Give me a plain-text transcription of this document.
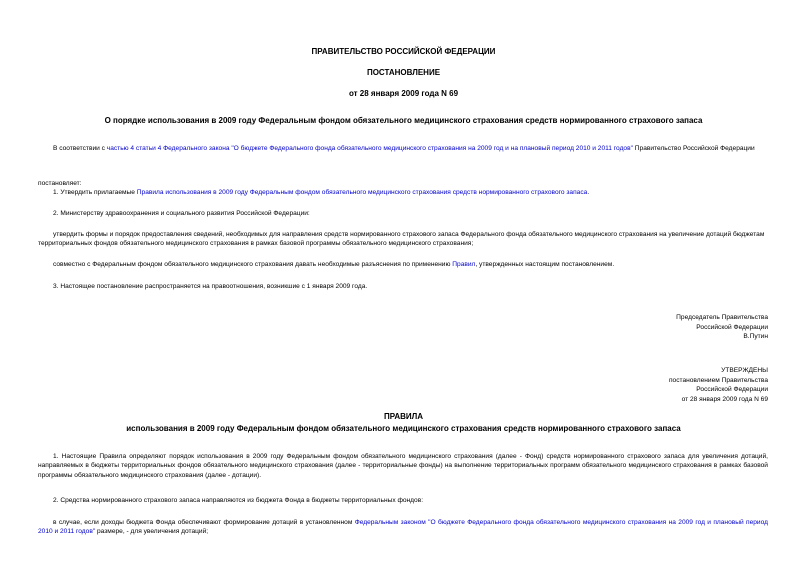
ПРАВИТЕЛЬСТВО РОССИЙСКОЙ ФЕДЕРАЦИИ
ПОСТАНОВЛЕНИЕ
от 28 января 2009 года N 69
О порядке использования в 2009 году Федеральным фондом обязательного медицинского страхования средств нормированного страхового запаса

В соответствии с частью 4 статьи 4 Федерального закона "О бюджете Федерального фонда обязательного медицинского страхования на 2009 год и на плановый период 2010 и 2011 годов" Правительство Российской Федерации

постановляет:

1. Утвердить прилагаемые Правила использования в 2009 году Федеральным фондом обязательного медицинского страхования средств нормированного страхового запаса.

2. Министерству здравоохранения и социального развития Российской Федерации:

утвердить формы и порядок предоставления сведений, необходимых для направления средств нормированного страхового запаса Федерального фонда обязательного медицинского страхования на увеличение дотаций бюджетам территориальных фондов обязательного медицинского страхования в рамках базовой программы обязательного медицинского страхования;

совместно с Федеральным фондом обязательного медицинского страхования давать необходимые разъяснения по применению Правил, утвержденных настоящим постановлением.

3. Настоящее постановление распространяется на правоотношения, возникшие с 1 января 2009 года.

Председатель Правительства
Российской Федерации
В.Путин
УТВЕРЖДЕНЫ
постановлением Правительства
Российской Федерации
от 28 января 2009 года N 69
ПРАВИЛА
использования в 2009 году Федеральным фондом обязательного медицинского страхования средств нормированного страхового запаса

1. Настоящие Правила определяют порядок использования в 2009 году Федеральным фондом обязательного медицинского страхования (далее - Фонд) средств нормированного страхового запаса для увеличения дотаций, направляемых в бюджеты территориальных фондов обязательного медицинского страхования (далее - территориальные фонды) на выполнение территориальных программ обязательного медицинского страхования в рамках базовой программы обязательного медицинского страхования (далее - дотации).

2. Средства нормированного страхового запаса направляются из бюджета Фонда в бюджеты территориальных фондов:

в случае, если доходы бюджета Фонда обеспечивают формирование дотаций в установленном Федеральным законом "О бюджете Федерального фонда обязательного медицинского страхования на 2009 год и плановый период 2010 и 2011 годов" размере, - для увеличения дотаций;
